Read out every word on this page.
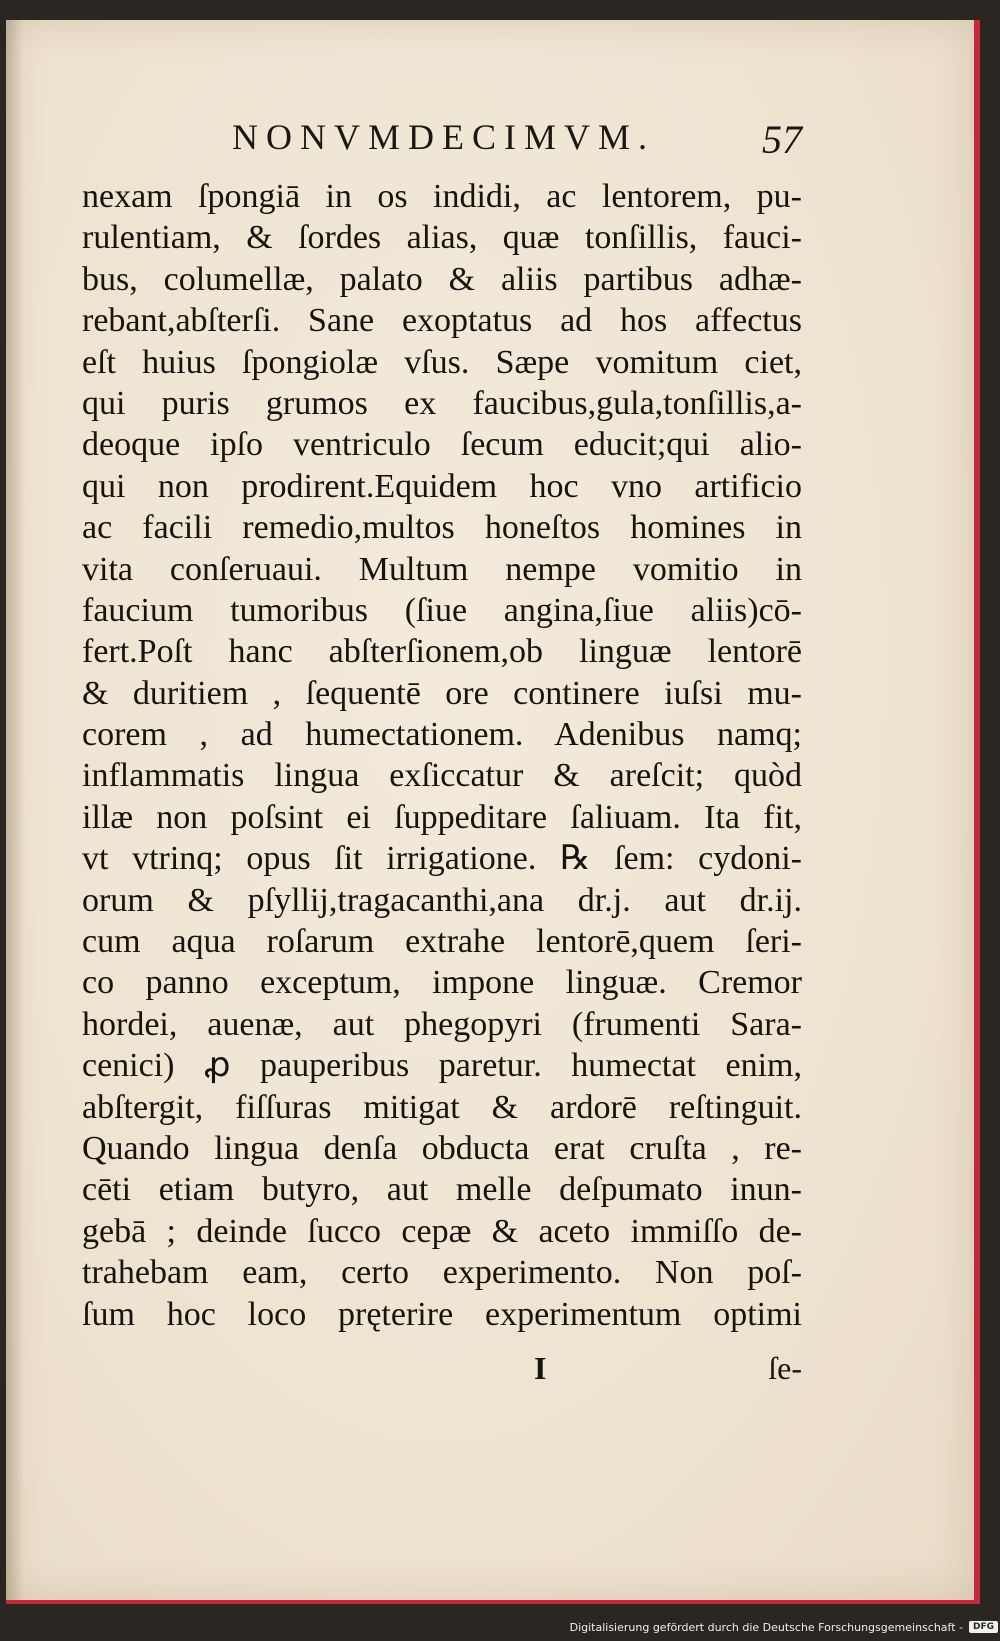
NONVMDECIMVM.	57
nexam ſpongiā in os indidi, ac lentorem, pu-
rulentiam, & ſordes alias, quæ tonſillis, fauci-
bus, columellæ, palato & aliis partibus adhæ-
rebant,abſterſi. Sane exoptatus ad hos affectus
eſt huius ſpongiolæ vſus. Sæpe vomitum ciet,
qui puris grumos ex faucibus,gula,tonſillis,a-
deoque ipſo ventriculo ſecum educit;qui alio-
qui non prodirent.Equidem hoc vno artificio
ac facili remedio,multos honeſtos homines in
vita conſeruaui. Multum nempe vomitio in
faucium tumoribus (ſiue angina,ſiue aliis)cō-
fert.Poſt hanc abſterſionem,ob linguæ lentorē
& duritiem , ſequentē ore continere iuſsi mu-
corem , ad humectationem. Adenibus namq;
inflammatis lingua exſiccatur & areſcit; quòd
illæ non poſsint ei ſuppeditare ſaliuam. Ita fit,
vt vtrinq; opus ſit irrigatione. ℞ ſem: cydoni-
orum & pſyllij,tragacanthi,ana dr.j. aut dr.ij.
cum aqua roſarum extrahe lentorē,quem ſeri-
co panno exceptum, impone linguæ. Cremor
hordei, auenæ, aut phegopyri (frumenti Sara-
cenici) ꝓ pauperibus paretur. humectat enim,
abſtergit, fiſſuras mitigat & ardorē reſtinguit.
Quando lingua denſa obducta erat cruſta , re-
cēti etiam butyro, aut melle deſpumato inun-
gebā ; deinde ſucco cepæ & aceto immiſſo de-
trahebam eam, certo experimento. Non poſ-
ſum hoc loco pręterire experimentum optimi
I	ſe-
Digitalisierung gefördert durch die Deutsche Forschungsgemeinschaft -	DFG
